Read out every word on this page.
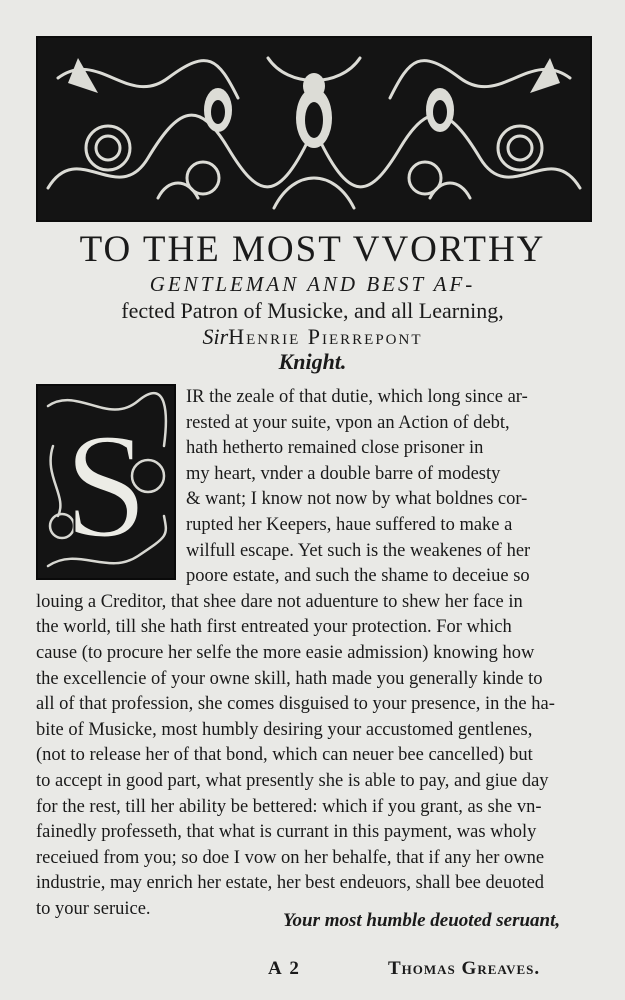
TO THE MOST VVORTHY
GENTLEMAN AND BEST AF-
fected Patron of Musicke, and all Learning,
SirHenrie Pierrepont
Knight.
S
IR the zeale of that dutie, which long since ar-
rested at your suite, vpon an Action of debt,
hath hetherto remained close prisoner in
my heart, vnder a double barre of modesty
& want; I know not now by what boldnes cor-
rupted her Keepers, haue suffered to make a
wilfull escape. Yet such is the weakenes of her
poore estate, and such the shame to deceiue so
louing a Creditor, that shee dare not aduenture to shew her face in
the world, till she hath first entreated your protection. For which
cause (to procure her selfe the more easie admission) knowing how
the excellencie of your owne skill, hath made you generally kinde to
all of that profession, she comes disguised to your presence, in the ha-
bite of Musicke, most humbly desiring your accustomed gentlenes,
(not to release her of that bond, which can neuer bee cancelled) but
to accept in good part, what presently she is able to pay, and giue day
for the rest, till her ability be bettered: which if you grant, as she vn-
fainedly professeth, that what is currant in this payment, was wholy
receiued from you; so doe I vow on her behalfe, that if any her owne
industrie, may enrich her estate, her best endeuors, shall bee deuoted
to your seruice.
Your most humble deuoted seruant,
A 2	Thomas Greaves.
